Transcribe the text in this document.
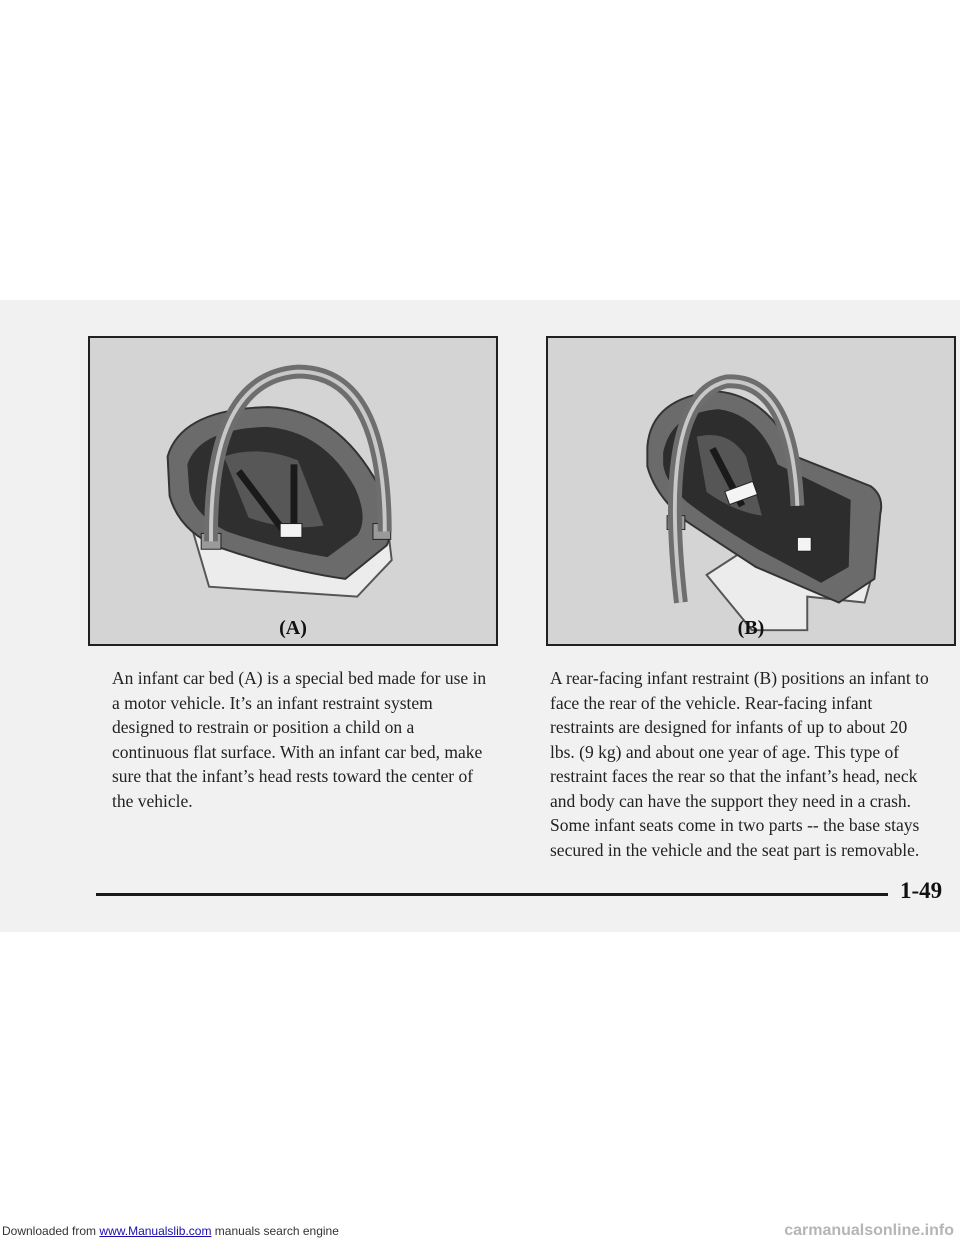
(A)	(B)

An infant car bed (A) is a special bed made for use in a motor vehicle. It’s an infant restraint system designed to restrain or position a child on a continuous flat surface. With an infant car bed, make sure that the infant’s head rests toward the center of the vehicle.

A rear-facing infant restraint (B) positions an infant to face the rear of the vehicle. Rear-facing infant restraints are designed for infants of up to about 20 lbs. (9 kg) and about one year of age. This type of restraint faces the rear so that the infant’s head, neck and body can have the support they need in a crash. Some infant seats come in two parts -- the base stays secured in the vehicle and the seat part is removable.

1-49

Downloaded from www.Manualslib.com manuals search engine	carmanualsonline.info
